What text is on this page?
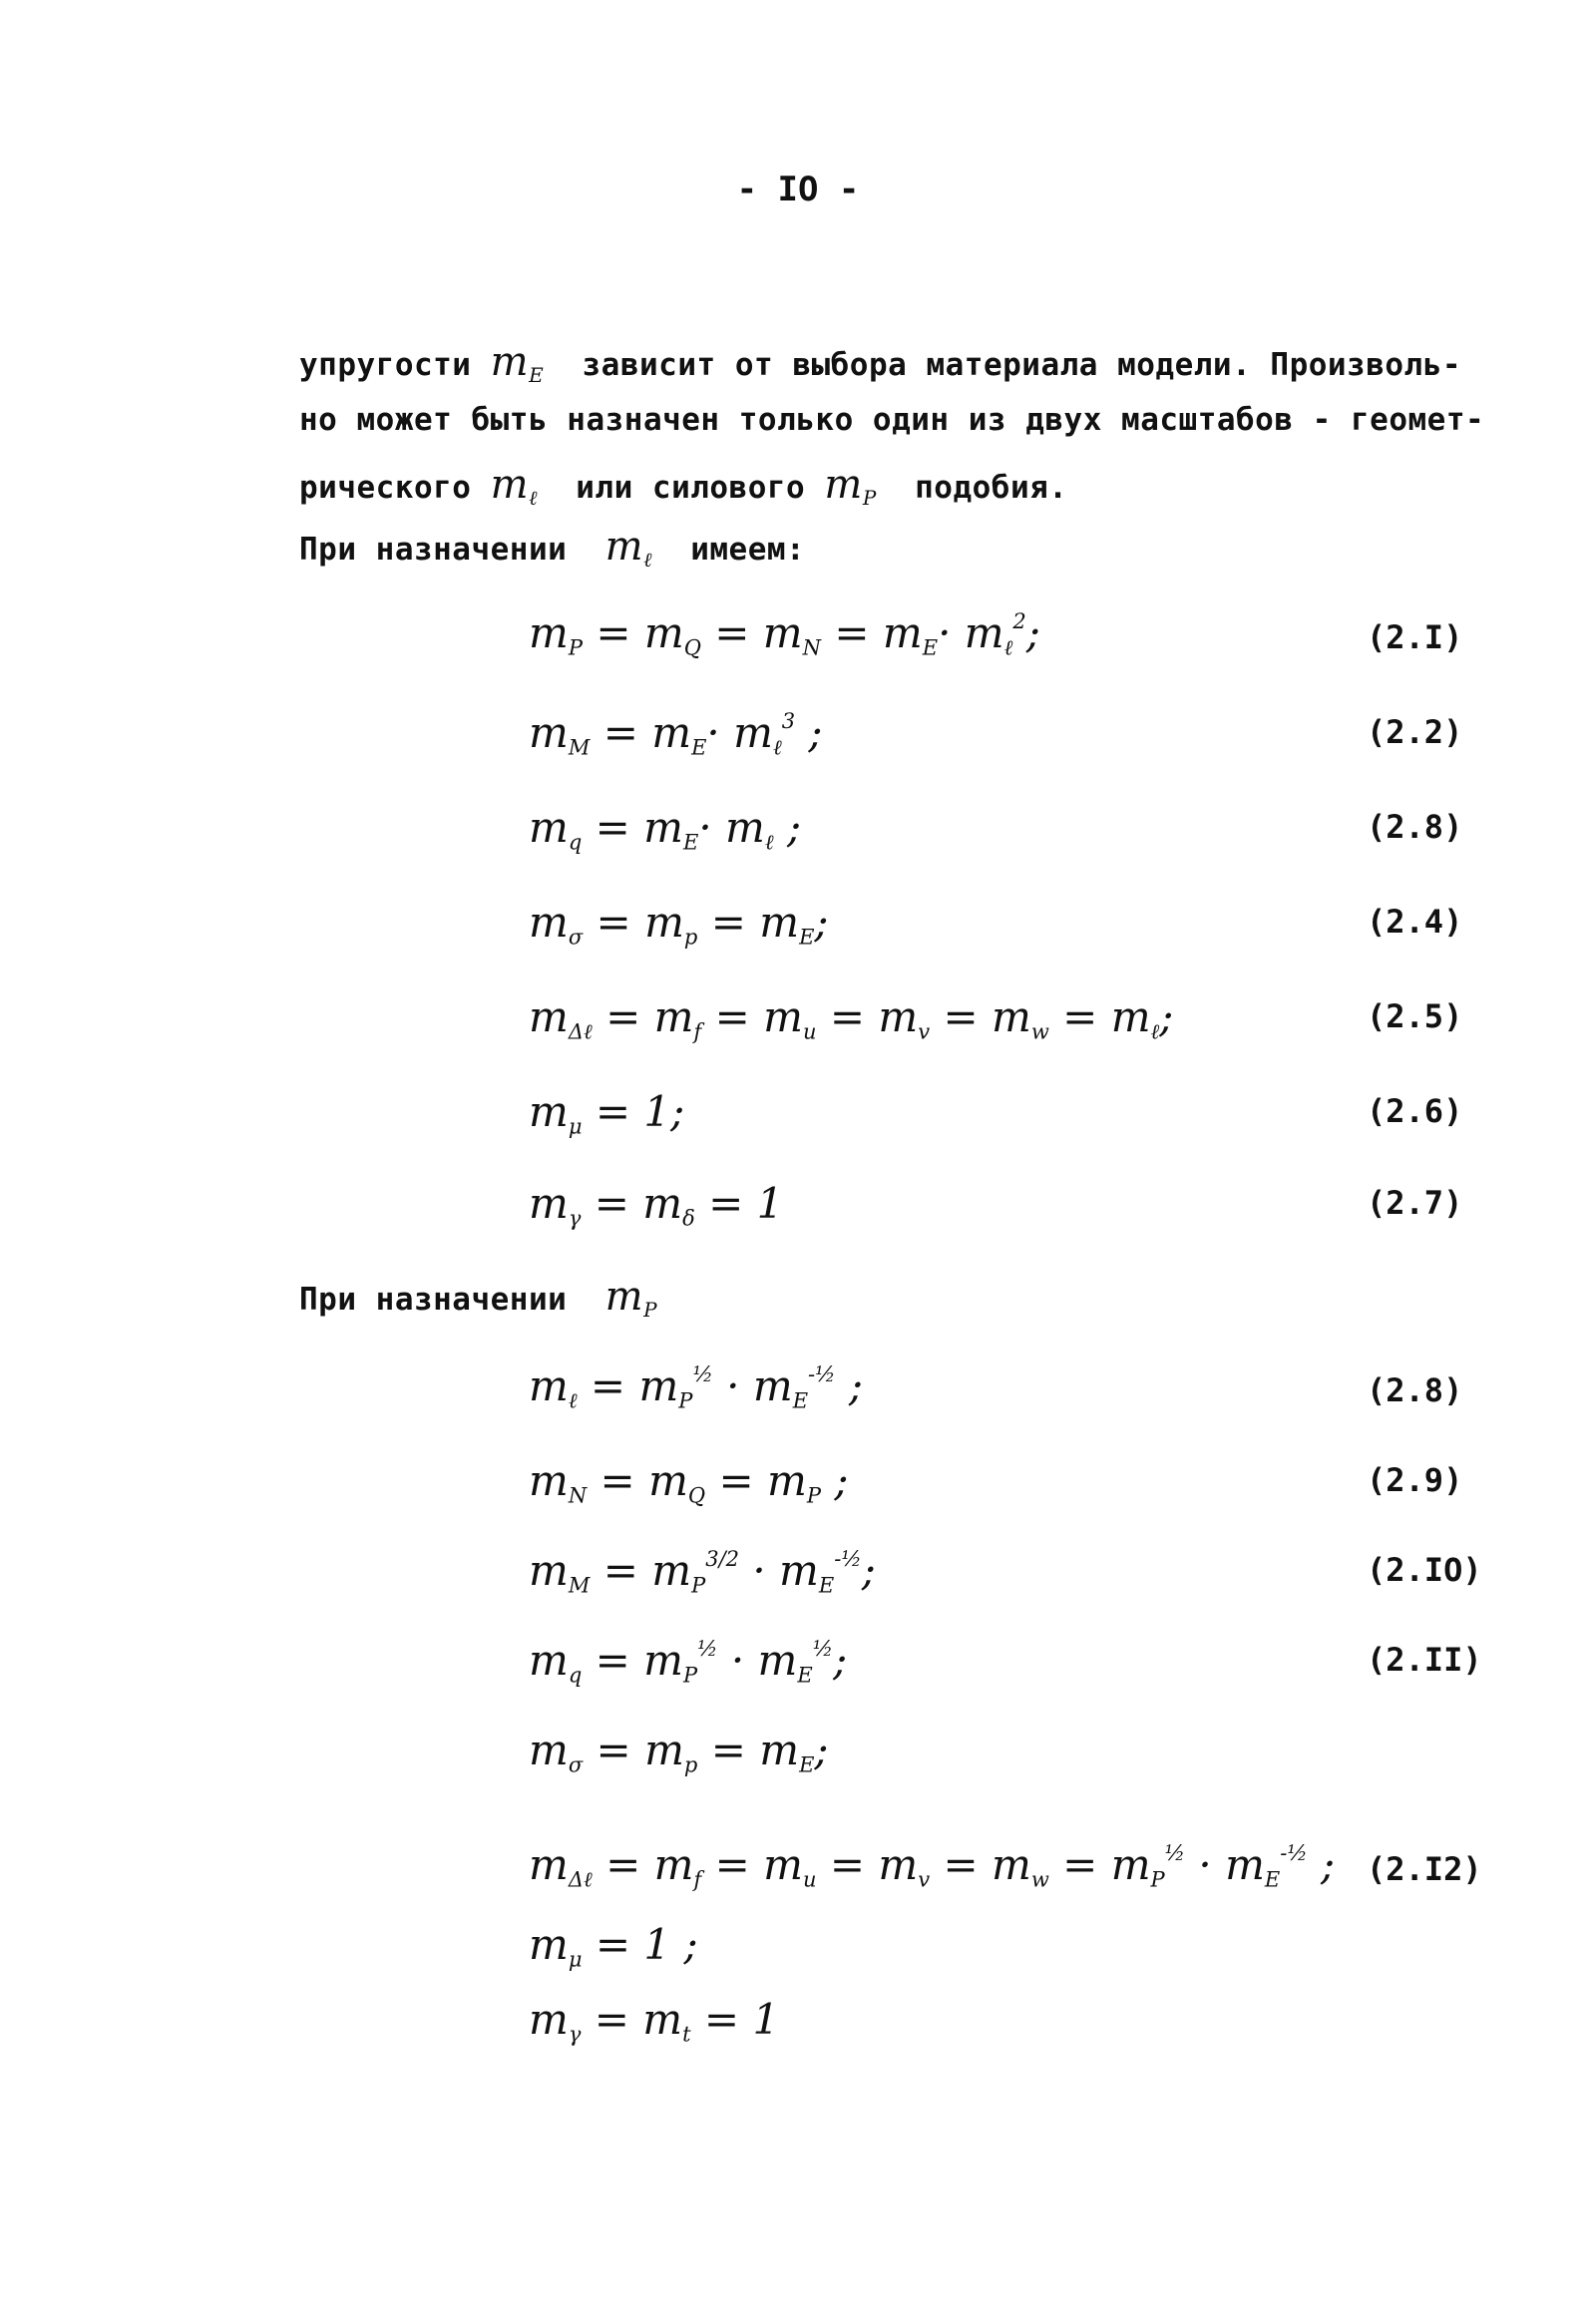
- IO -
упругости $m_E$  зависит от выбора материала модели. Произволь-
но может быть назначен только один из двух масштабов - геомет-
рического $m_\ell$  или силового $m_P$  подобия.
При назначении  $m_\ell$  имеем:
$m_P = m_Q = m_N = m_E\cdot m_\ell^2$;	(2.I)
$m_M = m_E\cdot m_\ell^3$ ;	(2.2)
$m_q = m_E\cdot m_\ell$ ;	(2.8)
$m_\sigma = m_p = m_E$;	(2.4)
$m_{\Delta\ell} = m_f = m_u = m_v = m_w = m_\ell$;	(2.5)
$m_\mu = 1$;	(2.6)
$m_\gamma = m_\delta = 1$	(2.7)
При назначении  $m_P$
$m_\ell = m_P^{\frac{1}{2}} \cdot m_E^{-\frac{1}{2}}$ ;	(2.8)
$m_N = m_Q = m_P$ ;	(2.9)
$m_M = m_P^{3/2} \cdot m_E^{-\frac{1}{2}}$;	(2.IO)
$m_q = m_P^{\frac{1}{2}} \cdot m_E^{\frac{1}{2}}$;	(2.II)
$m_\sigma = m_p = m_E$;
$m_{\Delta\ell} = m_f = m_u = m_v = m_w = m_P^{\frac{1}{2}} \cdot m_E^{-\frac{1}{2}}$ ; (2.I2)
$m_\mu = 1$ ;
$m_\gamma = m_t = 1$
